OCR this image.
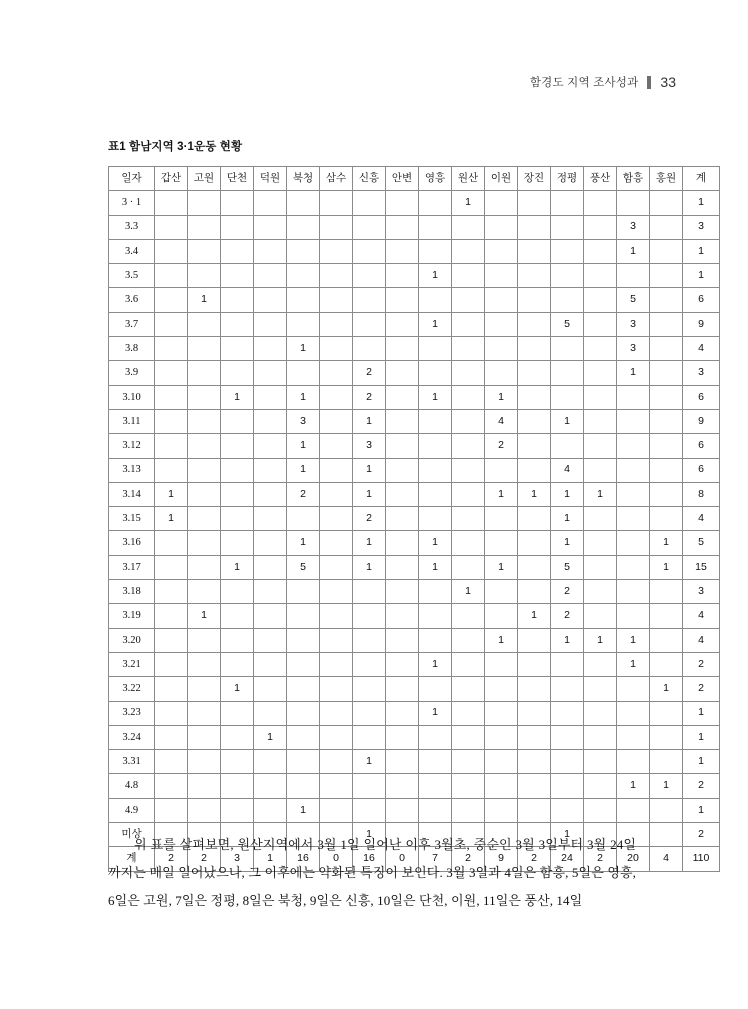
함경도 지역 조사성과 33
표1 함남지역 3·1운동 현황
일자	갑산	고원	단천	덕원	북청	삼수	신흥	안변	영흥	원산	이원	장진	정평	풍산	함흥	홍원	계
3 · 1										1							1
3.3															3		3
3.4															1		1
3.5									1								1
3.6		1													5		6
3.7									1				5		3		9
3.8					1										3		4
3.9							2								1		3
3.10			1		1		2		1		1						6
3.11					3		1				4		1				9
3.12					1		3				2						6
3.13					1		1						4				6
3.14	1				2		1				1	1	1	1			8
3.15	1						2						1				4
3.16					1		1		1				1			1	5
3.17			1		5		1		1		1		5			1	15
3.18										1			2				3
3.19		1										1	2				4
3.20											1		1	1	1		4
3.21									1						1		2
3.22			1													1	2
3.23									1								1
3.24				1													1
3.31							1										1
4.8															1	1	2
4.9					1												1
미상							1						1				2
계	2	2	3	1	16	0	16	0	7	2	9	2	24	2	20	4	110

위 표를 살펴보면, 원산지역에서 3월 1일 일어난 이후 3월초, 중순인 3월 3일부터 3월 24일까지는 매일 일어났으나, 그 이후에는 약화된 특징이 보인다. 3월 3일과 4일은 함흥, 5일은 영흥, 6일은 고원, 7일은 정평, 8일은 북청, 9일은 신흥, 10일은 단천, 이원, 11일은 풍산, 14일
